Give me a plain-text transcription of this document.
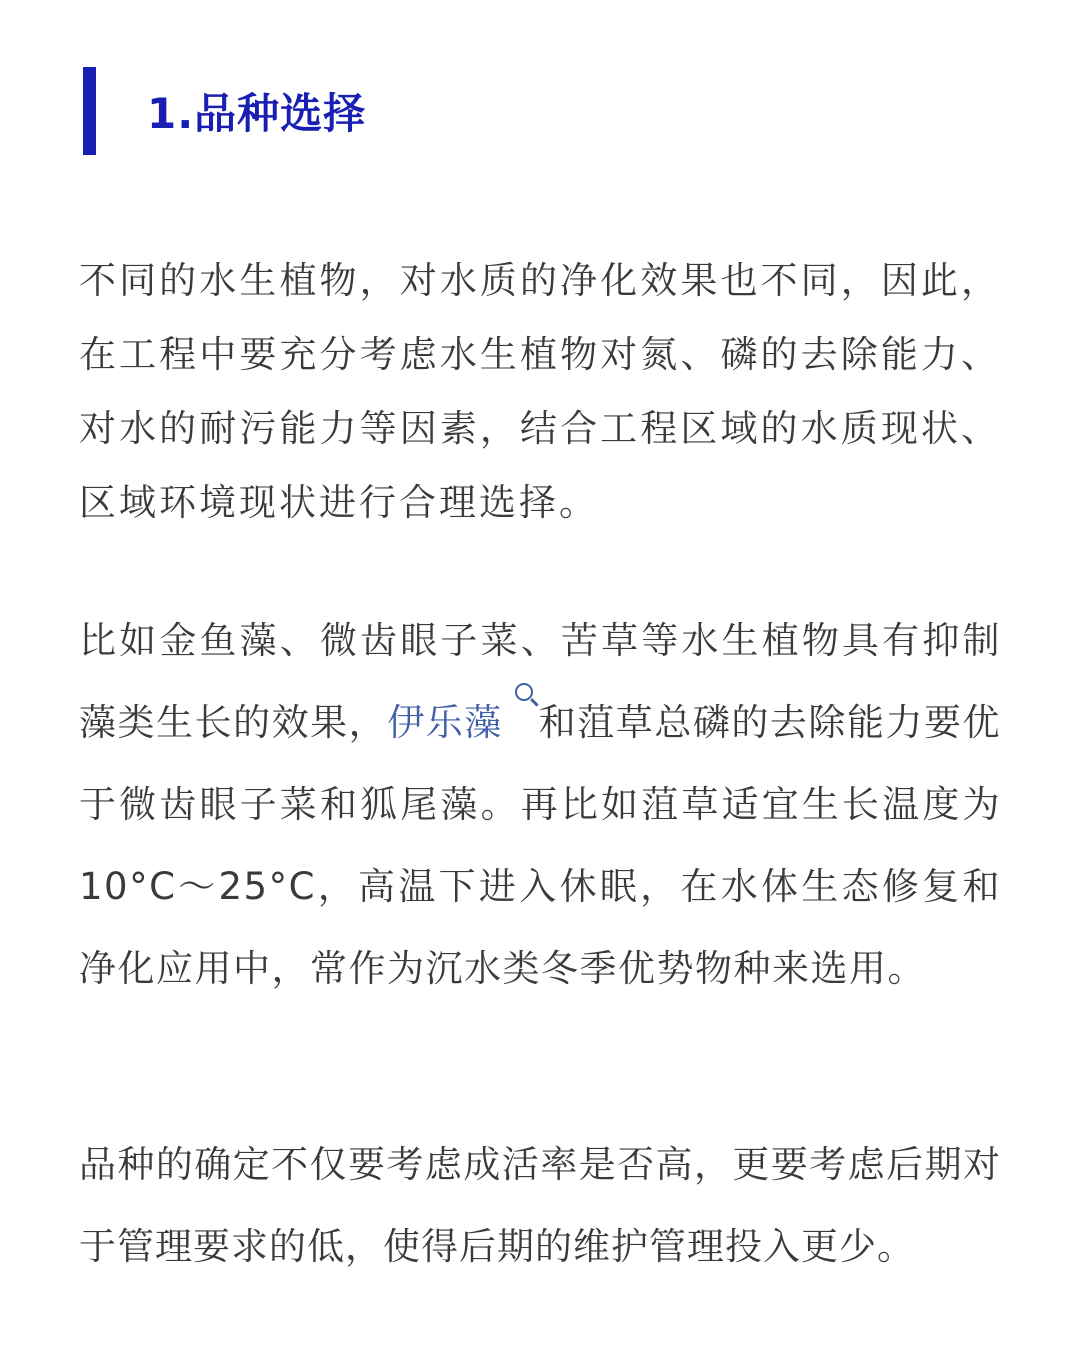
1.品种选择

不同的水生植物，对水质的净化效果也不同，因此，在工程中要充分考虑水生植物对氮、磷的去除能力、对水的耐污能力等因素，结合工程区域的水质现状、区域环境现状进行合理选择。

比如金鱼藻、微齿眼子菜、苦草等水生植物具有抑制藻类生长的效果，伊乐藻 和菹草总磷的去除能力要优于微齿眼子菜和狐尾藻。再比如菹草适宜生长温度为10°C～25°C，高温下进入休眠，在水体生态修复和净化应用中，常作为沉水类冬季优势物种来选用。

品种的确定不仅要考虑成活率是否高，更要考虑后期对于管理要求的低，使得后期的维护管理投入更少。
